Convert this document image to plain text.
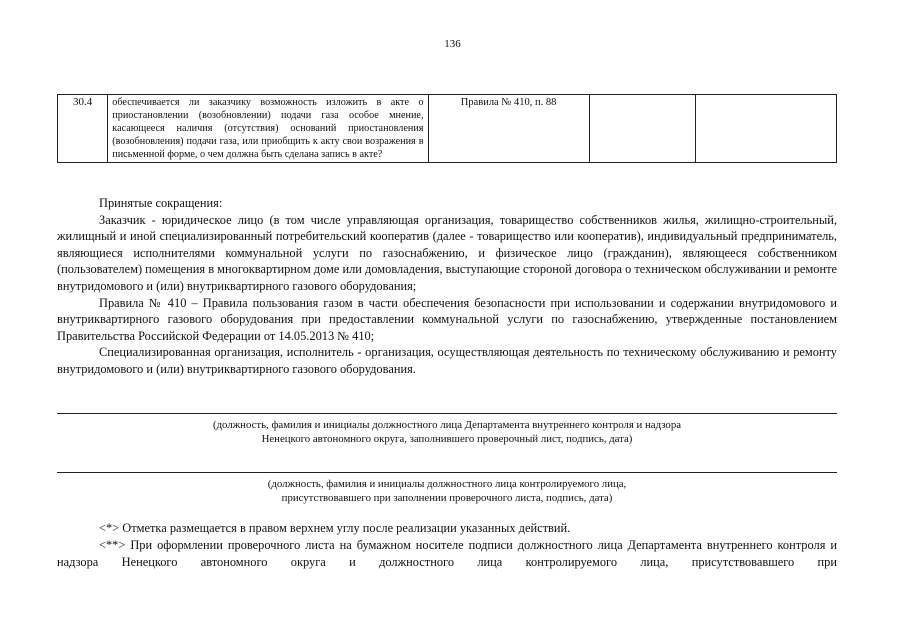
136
30.4	обеспечивается ли заказчику возможность изложить в акте о приостановлении (возобновлении) подачи газа особое мнение, касающееся наличия (отсутствия) оснований приостановления (возобновления) подачи газа, или приобщить к акту свои возражения в письменной форме, о чем должна быть сделана запись в акте?	Правила № 410, п. 88		

Принятые сокращения:

Заказчик - юридическое лицо (в том числе управляющая организация, товарищество собственников жилья, жилищно-строительный, жилищный и иной специализированный потребительский кооператив (далее - товарищество или кооператив), индивидуальный предприниматель, являющиеся исполнителями коммунальной услуги по газоснабжению, и физическое лицо (гражданин), являющееся собственником (пользователем) помещения в многоквартирном доме или домовладения, выступающие стороной договора о техническом обслуживании и ремонте внутридомового и (или) внутриквартирного газового оборудования;

Правила № 410 – Правила пользования газом в части обеспечения безопасности при использовании и содержании внутридомового и внутриквартирного газового оборудования при предоставлении коммунальной услуги по газоснабжению, утвержденные постановлением Правительства Российской Федерации от 14.05.2013 № 410;

Специализированная организация, исполнитель - организация, осуществляющая деятельность по техническому обслуживанию и ремонту внутридомового и (или) внутриквартирного газового оборудования.

(должность, фамилия и инициалы должностного лица Департамента внутреннего контроля и надзора
Ненецкого автономного округа, заполнившего проверочный лист, подпись, дата)
(должность, фамилия и инициалы должностного лица контролируемого лица,
присутствовавшего при заполнении проверочного листа, подпись, дата)

<*> Отметка размещается в правом верхнем углу после реализации указанных действий.

<**> При оформлении проверочного листа на бумажном носителе подписи должностного лица Департамента внутреннего контроля и надзора Ненецкого автономного округа и должностного лица контролируемого лица, присутствовавшего при
